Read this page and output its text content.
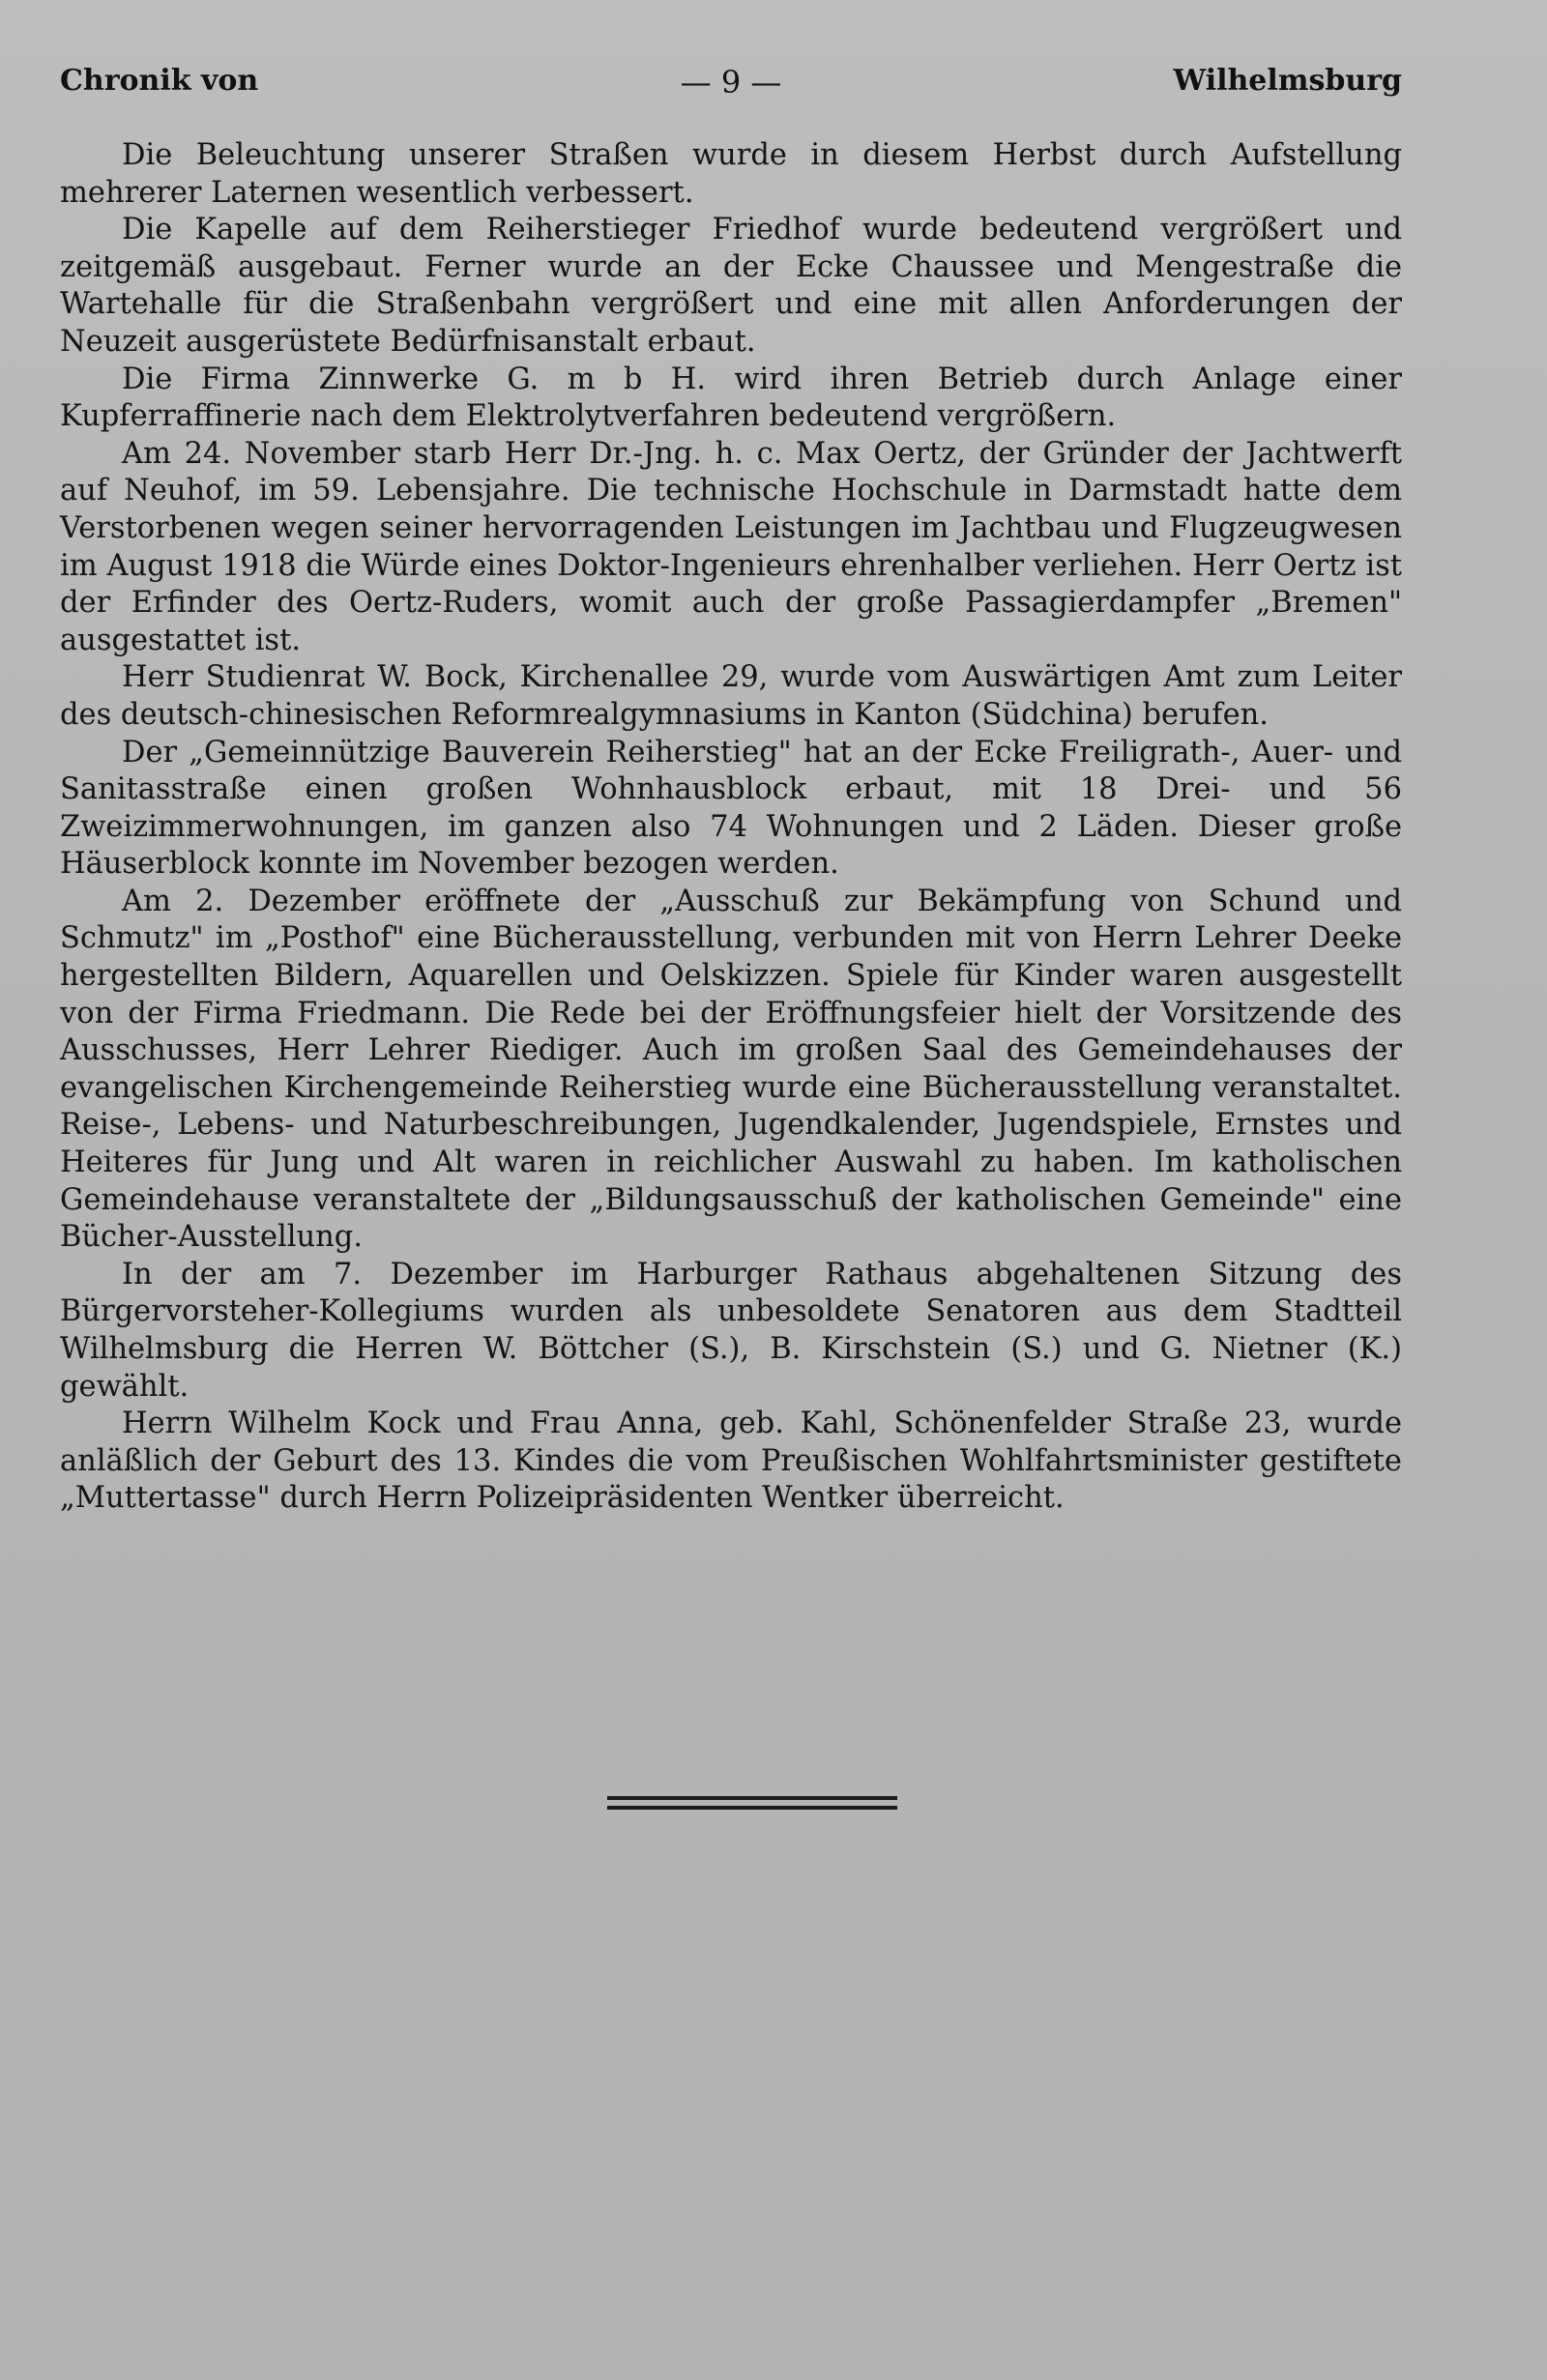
Chronik von	— 9 —	Wilhelmsburg

Die Beleuchtung unserer Straßen wurde in diesem Herbst durch Aufstellung mehrerer Laternen wesentlich verbessert.

Die Kapelle auf dem Reiherstieger Friedhof wurde bedeutend vergrößert und zeitgemäß ausgebaut. Ferner wurde an der Ecke Chaussee und Mengestraße die Wartehalle für die Straßenbahn vergrößert und eine mit allen Anforderungen der Neuzeit ausgerüstete Bedürfnisanstalt erbaut.

Die Firma Zinnwerke G. m b H. wird ihren Betrieb durch Anlage einer Kupferraffinerie nach dem Elektrolytverfahren bedeutend vergrößern.

Am 24. November starb Herr Dr.-Jng. h. c. Max Oertz, der Gründer der Jachtwerft auf Neuhof, im 59. Lebensjahre. Die technische Hochschule in Darmstadt hatte dem Verstorbenen wegen seiner hervorragenden Leistungen im Jachtbau und Flugzeugwesen im August 1918 die Würde eines Doktor-Ingenieurs ehrenhalber verliehen. Herr Oertz ist der Erfinder des Oertz-Ruders, womit auch der große Passagierdampfer „Bremen" ausgestattet ist.

Herr Studienrat W. Bock, Kirchenallee 29, wurde vom Auswärtigen Amt zum Leiter des deutsch-chinesischen Reformrealgymnasiums in Kanton (Südchina) berufen.

Der „Gemeinnützige Bauverein Reiherstieg" hat an der Ecke Freiligrath-, Auer- und Sanitasstraße einen großen Wohnhausblock erbaut, mit 18 Drei- und 56 Zweizimmerwohnungen, im ganzen also 74 Wohnungen und 2 Läden. Dieser große Häuserblock konnte im November bezogen werden.

Am 2. Dezember eröffnete der „Ausschuß zur Bekämpfung von Schund und Schmutz" im „Posthof" eine Bücherausstellung, verbunden mit von Herrn Lehrer Deeke hergestellten Bildern, Aquarellen und Oelskizzen. Spiele für Kinder waren ausgestellt von der Firma Friedmann. Die Rede bei der Eröffnungsfeier hielt der Vorsitzende des Ausschusses, Herr Lehrer Riediger. Auch im großen Saal des Gemeindehauses der evangelischen Kirchengemeinde Reiherstieg wurde eine Bücherausstellung veranstaltet. Reise-, Lebens- und Naturbeschreibungen, Jugendkalender, Jugendspiele, Ernstes und Heiteres für Jung und Alt waren in reichlicher Auswahl zu haben. Im katholischen Gemeindehause veranstaltete der „Bildungsausschuß der katholischen Gemeinde" eine Bücher-Ausstellung.

In der am 7. Dezember im Harburger Rathaus abgehaltenen Sitzung des Bürgervorsteher-Kollegiums wurden als unbesoldete Senatoren aus dem Stadtteil Wilhelmsburg die Herren W. Böttcher (S.), B. Kirschstein (S.) und G. Nietner (K.) gewählt.

Herrn Wilhelm Kock und Frau Anna, geb. Kahl, Schönenfelder Straße 23, wurde anläßlich der Geburt des 13. Kindes die vom Preußischen Wohlfahrtsminister gestiftete „Muttertasse" durch Herrn Polizeipräsidenten Wentker überreicht.
